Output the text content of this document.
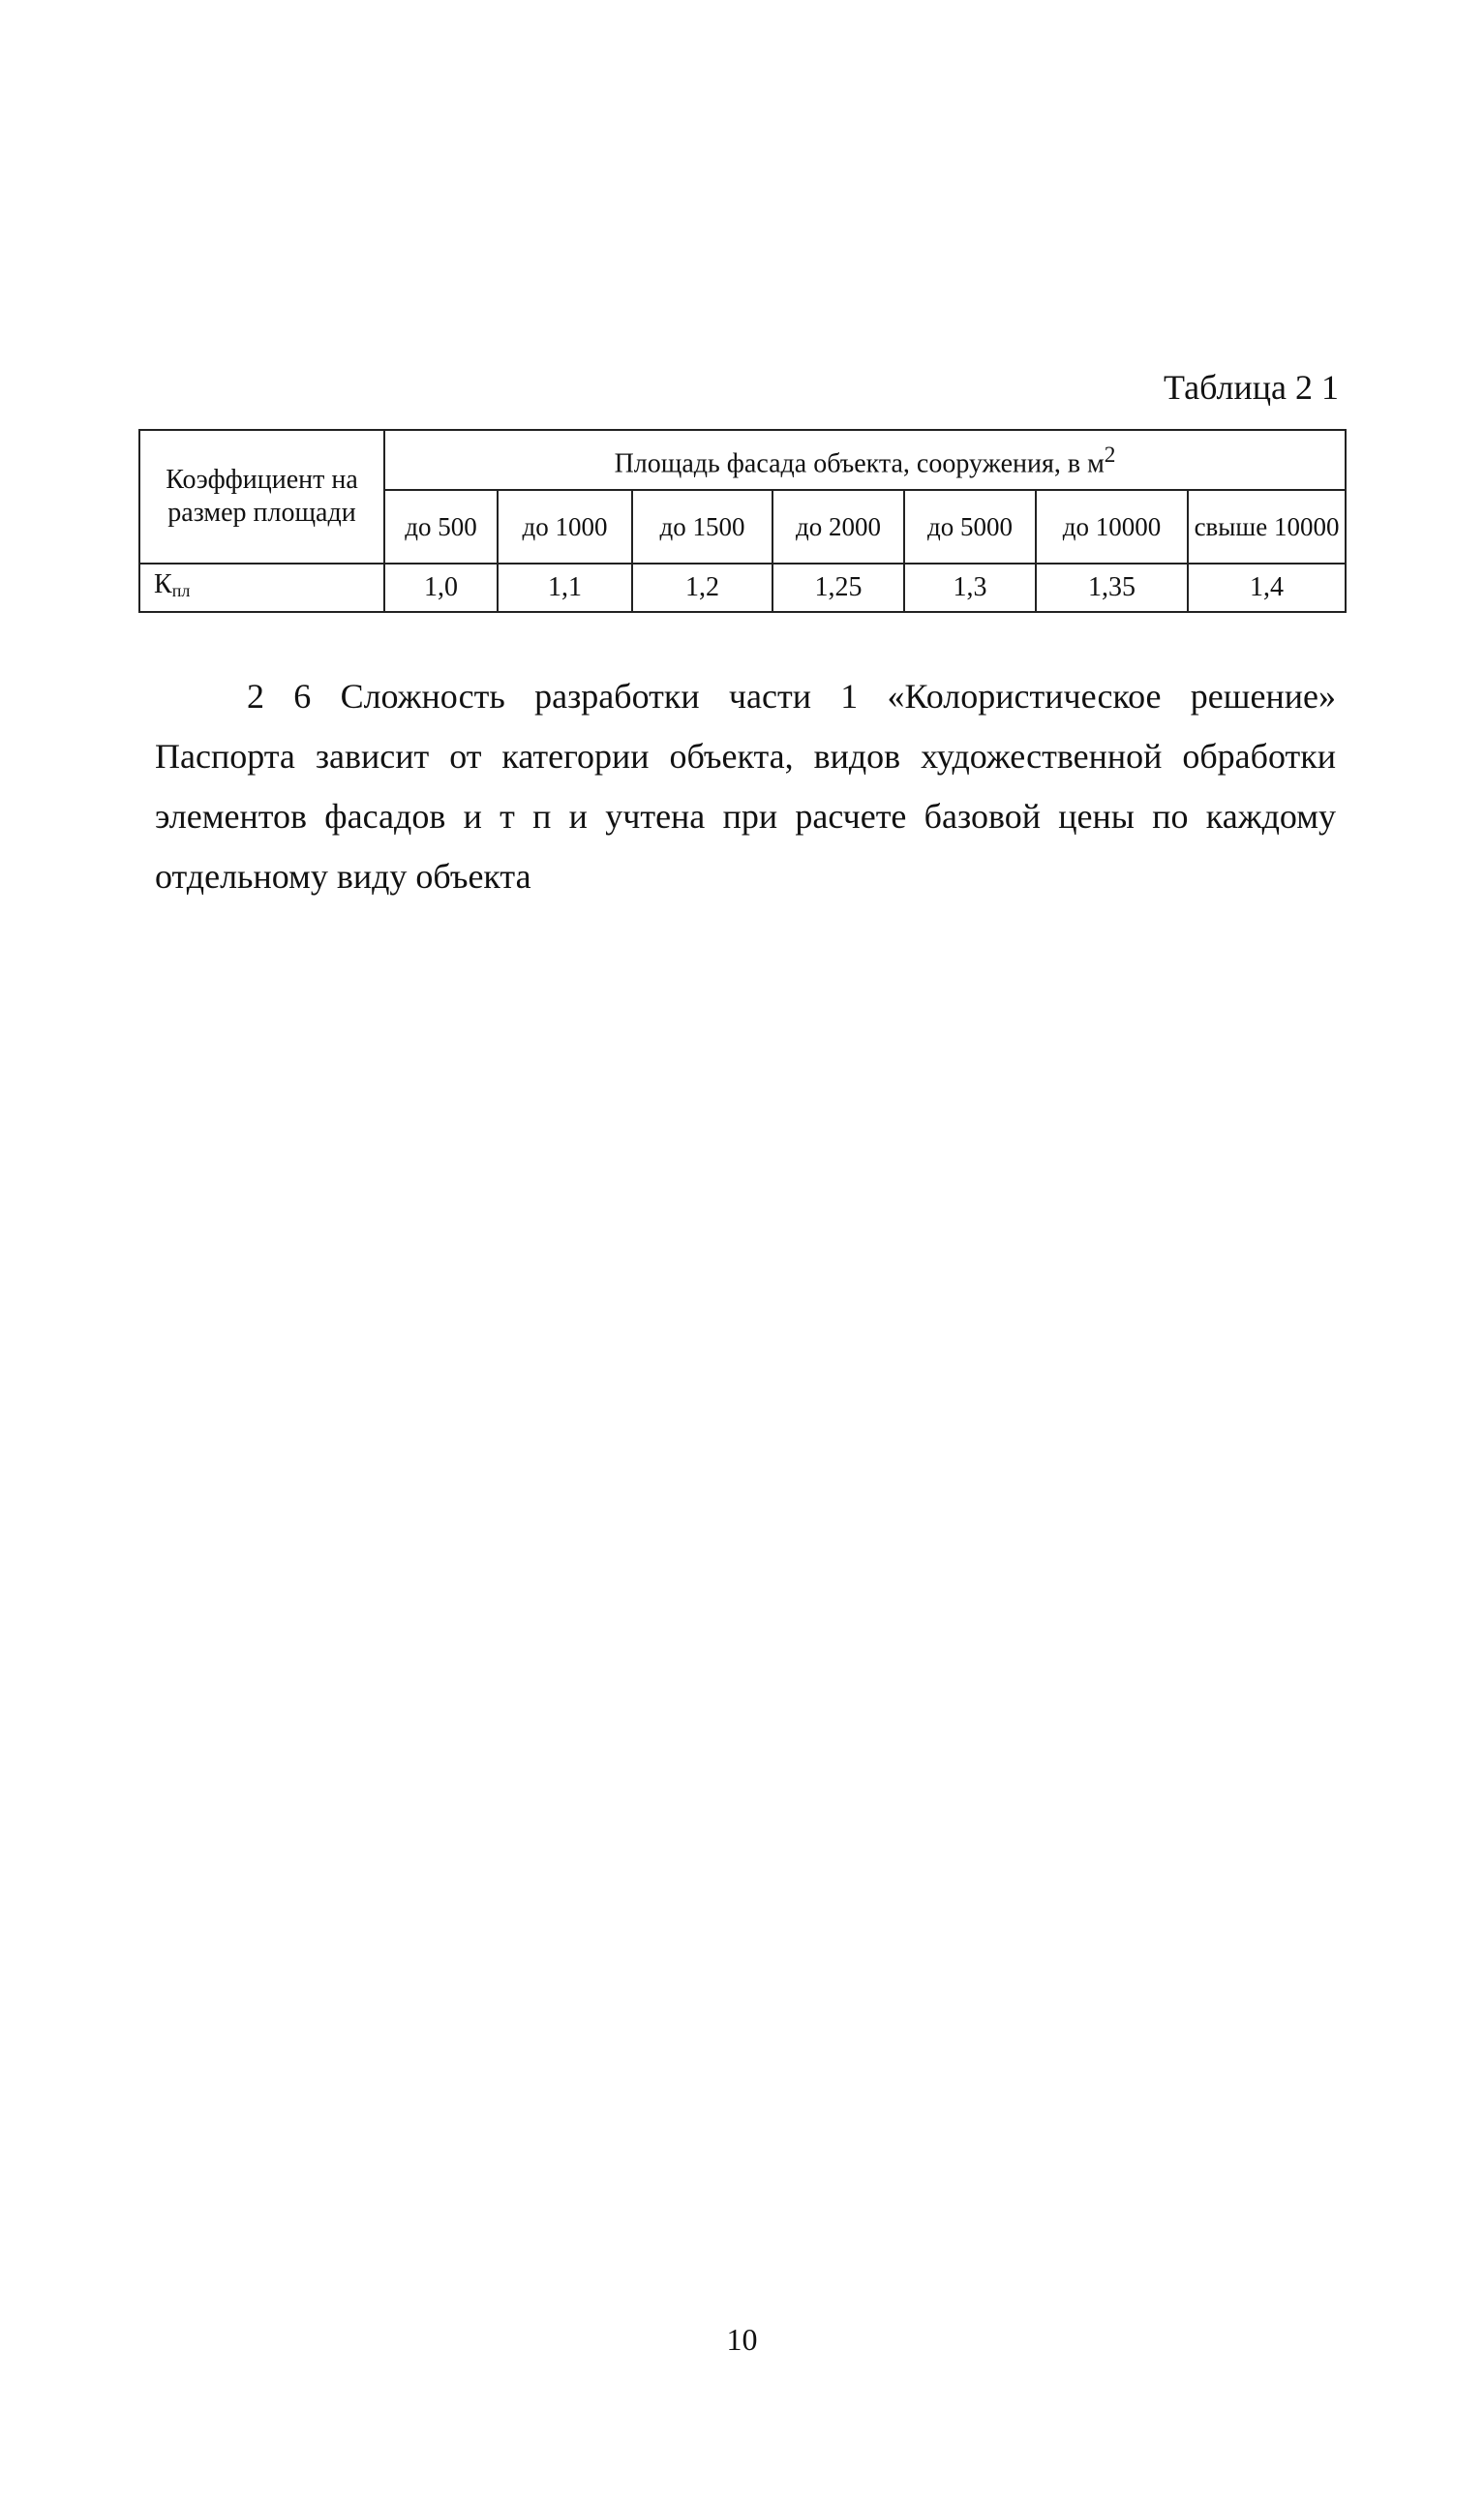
Таблица 2 1
Коэффициент на размер площади	Площадь фасада объекта, сооружения, в $м^2$
	до 500	до 1000	до 1500	до 2000	до 5000	до 10000	свыше 10000
$К_{пл}$	1,0	1,1	1,2	1,25	1,3	1,35	1,4

2 6 Сложность разработки части 1 «Колористическое решение» Паспорта зависит от категории объекта, видов художественной обработки элементов фасадов и т п и учтена при расчете базовой цены по каждому отдельному виду объекта

10
